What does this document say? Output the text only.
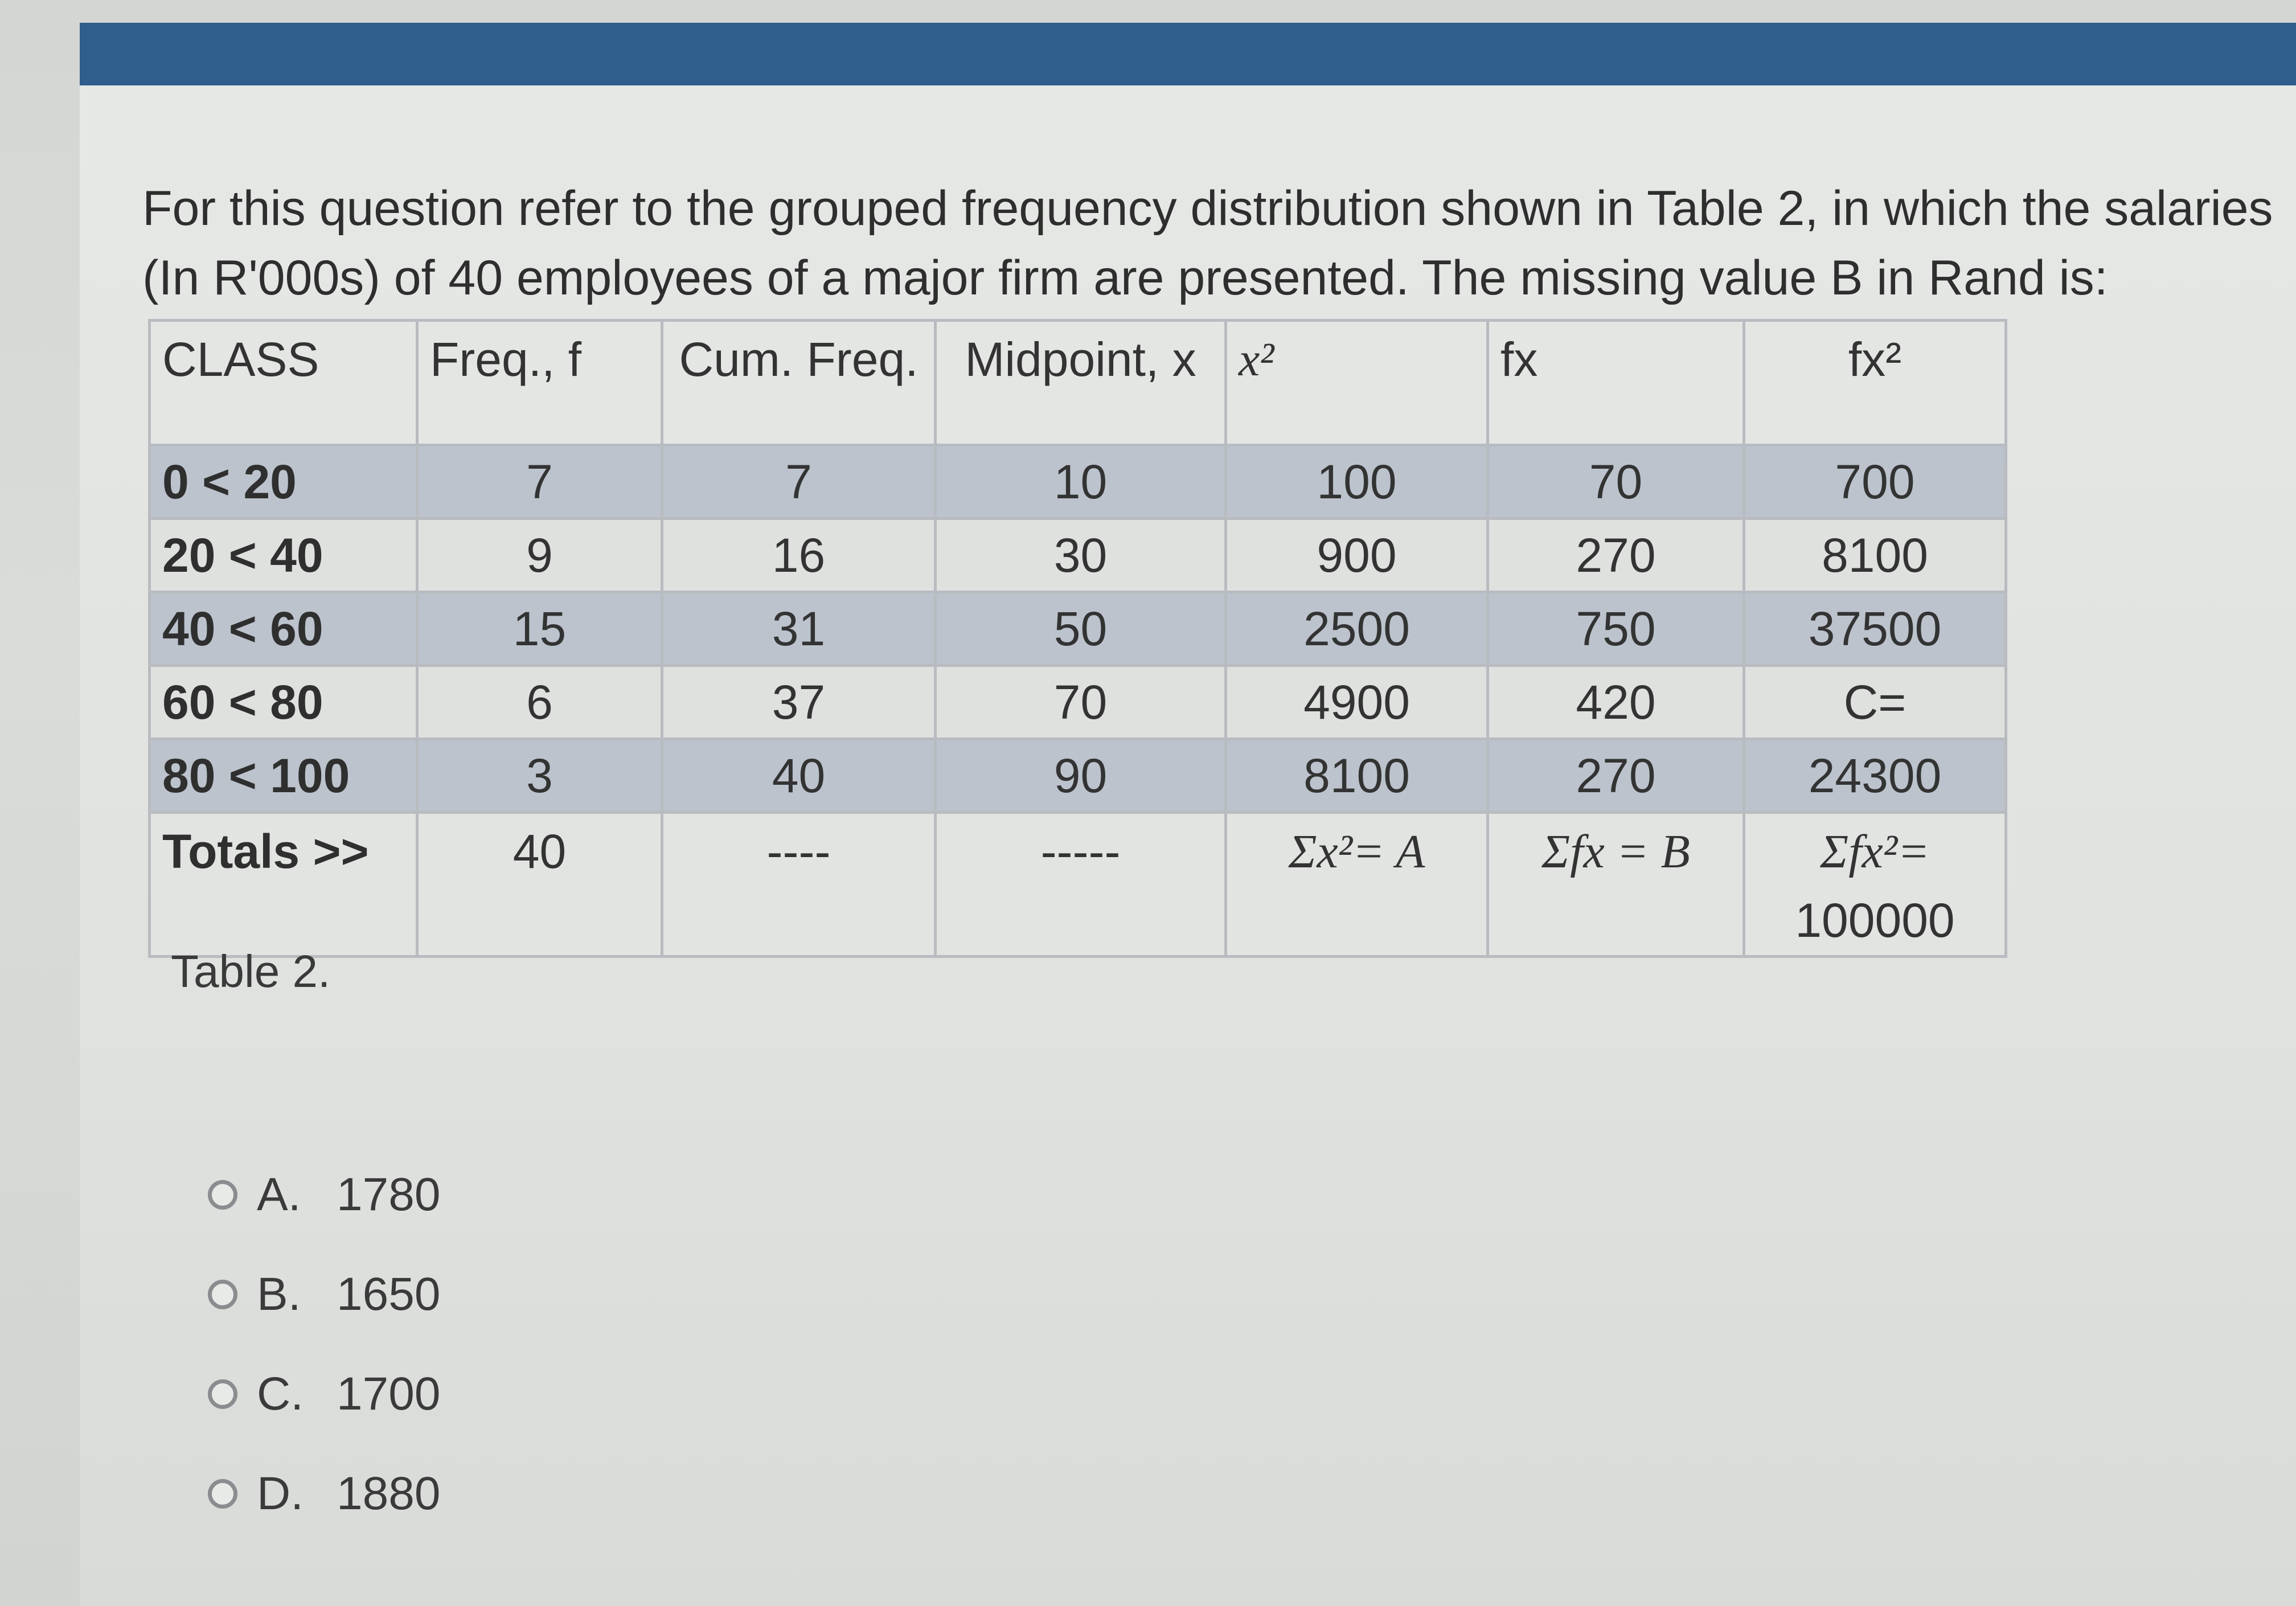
For this question refer to the grouped frequency distribution shown in Table 2, in which the salaries
(In R'000s) of 40 employees of a major firm are presented. The missing value B in Rand is:
CLASS	Freq., f	Cum. Freq.	Midpoint, x	x²	fx	fx²
0 < 20	7	7	10	100	70	700
20 < 40	9	16	30	900	270	8100
40 < 60	15	31	50	2500	750	37500
60 < 80	6	37	70	4900	420	C=
80 < 100	3	40	90	8100	270	24300
Totals >>	40	----	-----	Σx²= A	Σfx = B	Σfx²=
100000
Table 2.
A. 1780
B. 1650
C. 1700
D. 1880
